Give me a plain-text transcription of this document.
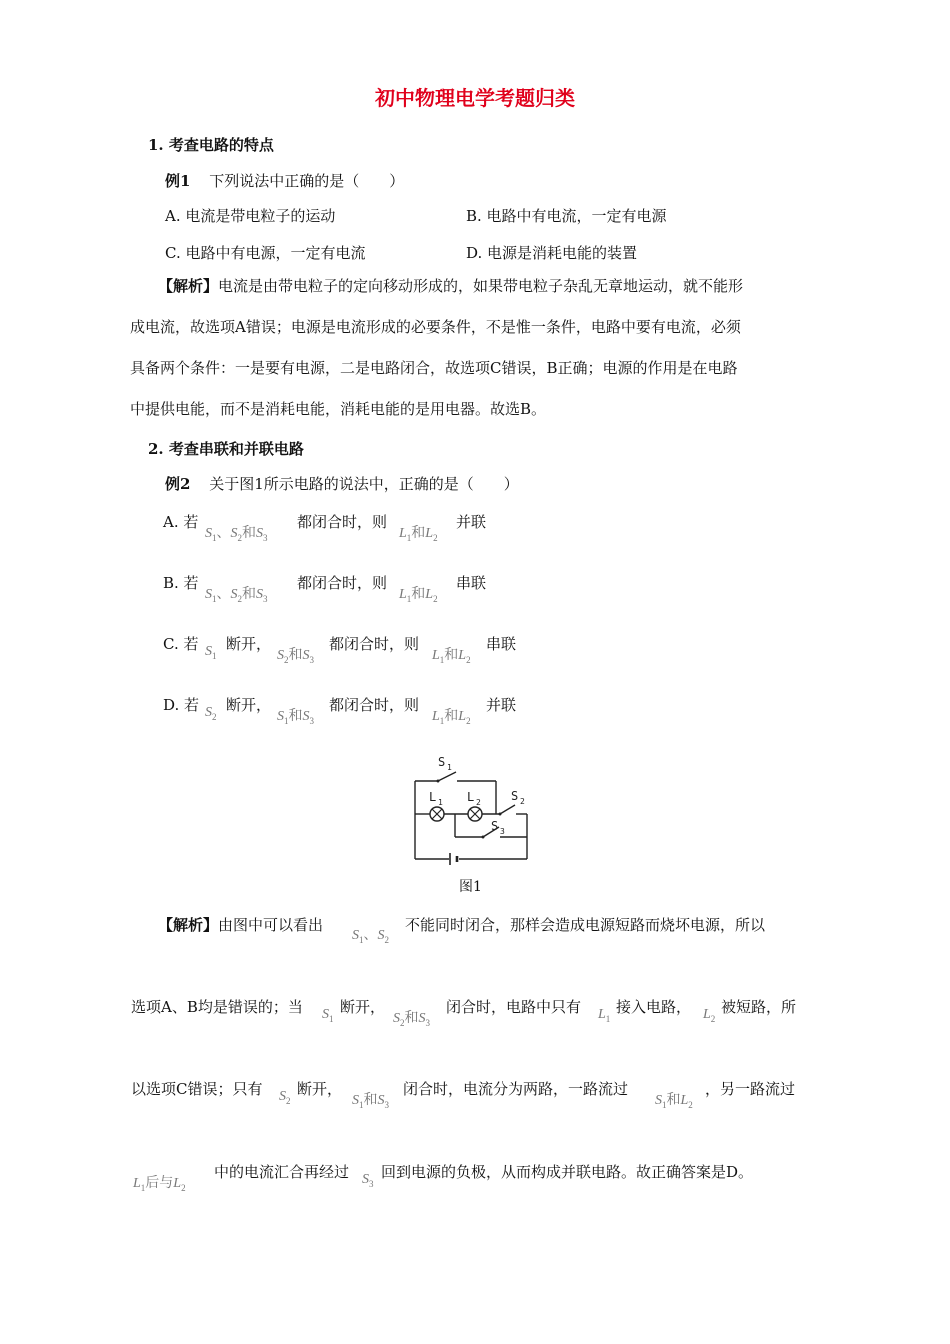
初中物理电学考题归类
1. 考查电路的特点
例1 下列说法中正确的是（　　）
A. 电流是带电粒子的运动	B. 电路中有电流，一定有电源
C. 电路中有电源，一定有电流	D. 电源是消耗电能的装置
【解析】电流是由带电粒子的定向移动形成的，如果带电粒子杂乱无章地运动，就不能形
成电流，故选项A错误；电源是电流形成的必要条件，不是惟一条件，电路中要有电流，必须
具备两个条件：一是要有电源，二是电路闭合，故选项C错误，B正确；电源的作用是在电路
中提供电能，而不是消耗电能，消耗电能的是用电器。故选B。
2. 考查串联和并联电路
例2 关于图1所示电路的说法中，正确的是（　　）
A. 若
$S_1$、$S_2$和$S_3$
都闭合时，则
$L_1$和$L_2$
并联
B. 若
$S_1$、$S_2$和$S_3$
都闭合时，则
$L_1$和$L_2$
串联
C. 若 $S_1$
断开，
$S_2$和$S_3$
都闭合时，则
$L_1$和$L_2$
串联
D. 若 $S_2$
断开，
$S_1$和$S_3$
都闭合时，则
$L_1$和$L_2$
并联
S 1
L 1 L 2	S 2
S 3
图1
【解析】由图中可以看出
$S_1$、$S_2$
不能同时闭合，那样会造成电源短路而烧坏电源，所以
选项A、B均是错误的；当 $S_1$
断开，
$S_2$和$S_3$
闭合时，电路中只有 $L_1$
接入电路， $L_2$
被短路，所
以选项C错误；只有 $S_2$
断开，
$S_1$和$S_3$
闭合时，电流分为两路，一路流过
$S_1$和$L_2$
，另一路流过
$L_1$后与$L_2$
中的电流汇合再经过 $S_3$
回到电源的负极，从而构成并联电路。故正确答案是D。
